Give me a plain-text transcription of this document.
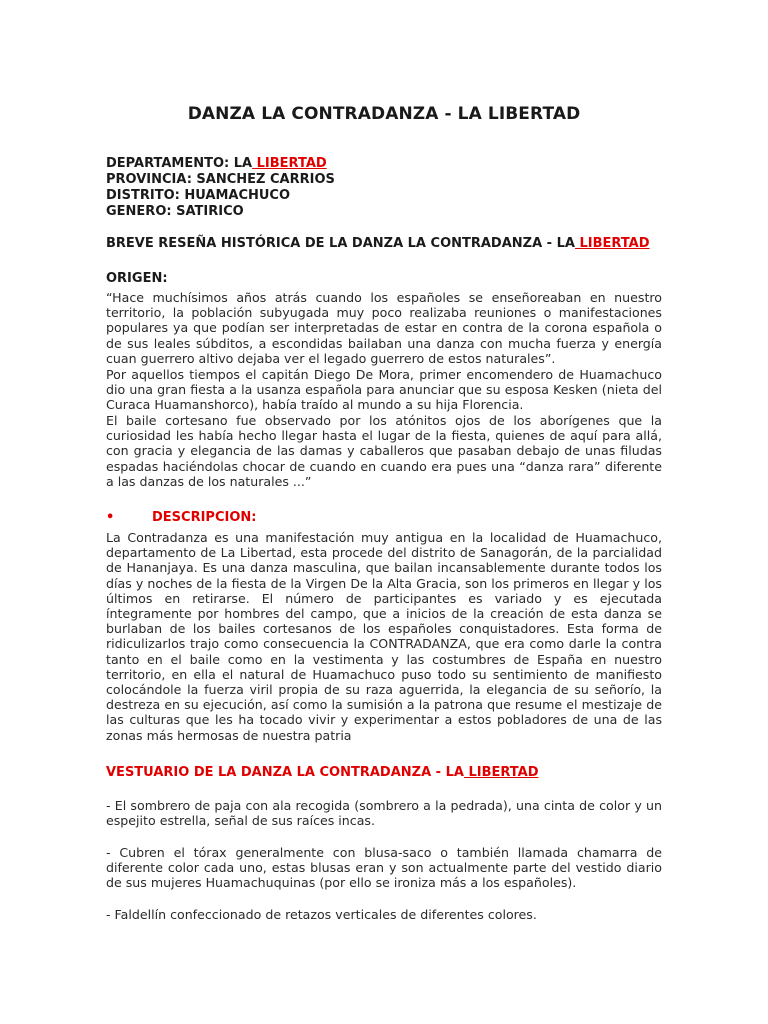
DANZA LA CONTRADANZA - LA LIBERTAD
DEPARTAMENTO: LA LIBERTAD
PROVINCIA: SANCHEZ CARRIOS
DISTRITO: HUAMACHUCO
GENERO: SATIRICO
BREVE RESEÑA HISTÓRICA DE LA DANZA LA CONTRADANZA - LA LIBERTAD
ORIGEN:
“Hace muchísimos años atrás cuando los españoles se enseñoreaban en nuestro territorio, la población subyugada muy poco realizaba reuniones o manifestaciones populares ya que podían ser interpretadas de estar en contra de la corona española o de sus leales súbditos, a escondidas bailaban una danza con mucha fuerza y energía cuan guerrero altivo dejaba ver el legado guerrero de estos naturales”.
Por aquellos tiempos el capitán Diego De Mora, primer encomendero de Huamachuco dio una gran fiesta a la usanza española para anunciar que su esposa Kesken (nieta del Curaca Huamanshorco), había traído al mundo a su hija Florencia.
El baile cortesano fue observado por los atónitos ojos de los aborígenes que la curiosidad les había hecho llegar hasta el lugar de la fiesta, quienes de aquí para allá, con gracia y elegancia de las damas y caballeros que pasaban debajo de unas filudas espadas haciéndolas chocar de cuando en cuando era pues una “danza rara” diferente a las danzas de los naturales ...”
•	DESCRIPCION:
La Contradanza es una manifestación muy antigua en la localidad de Huamachuco, departamento de La Libertad, esta procede del distrito de Sanagorán, de la parcialidad de Hananjaya. Es una danza masculina, que bailan incansablemente durante todos los días y noches de la fiesta de la Virgen De la Alta Gracia, son los primeros en llegar y los últimos en retirarse. El número de participantes es variado y es ejecutada íntegramente por hombres del campo, que a inicios de la creación de esta danza se burlaban de los bailes cortesanos de los españoles conquistadores. Esta forma de ridiculizarlos trajo como consecuencia la CONTRADANZA, que era como darle la contra tanto en el baile como en la vestimenta y las costumbres de España en nuestro territorio, en ella el natural de Huamachuco puso todo su sentimiento de manifiesto colocándole la fuerza viril propia de su raza aguerrida, la elegancia de su señorío, la destreza en su ejecución, así como la sumisión a la patrona que resume el mestizaje de las culturas que les ha tocado vivir y experimentar a estos pobladores de una de las zonas más hermosas de nuestra patria
VESTUARIO DE LA DANZA LA CONTRADANZA - LA LIBERTAD
- El sombrero de paja con ala recogida (sombrero a la pedrada), una cinta de color y un espejito estrella, señal de sus raíces incas.
- Cubren el tórax generalmente con blusa-saco o también llamada chamarra de diferente color cada uno, estas blusas eran y son actualmente parte del vestido diario de sus mujeres Huamachuquinas (por ello se ironiza más a los españoles).
- Faldellín confeccionado de retazos verticales de diferentes colores.
